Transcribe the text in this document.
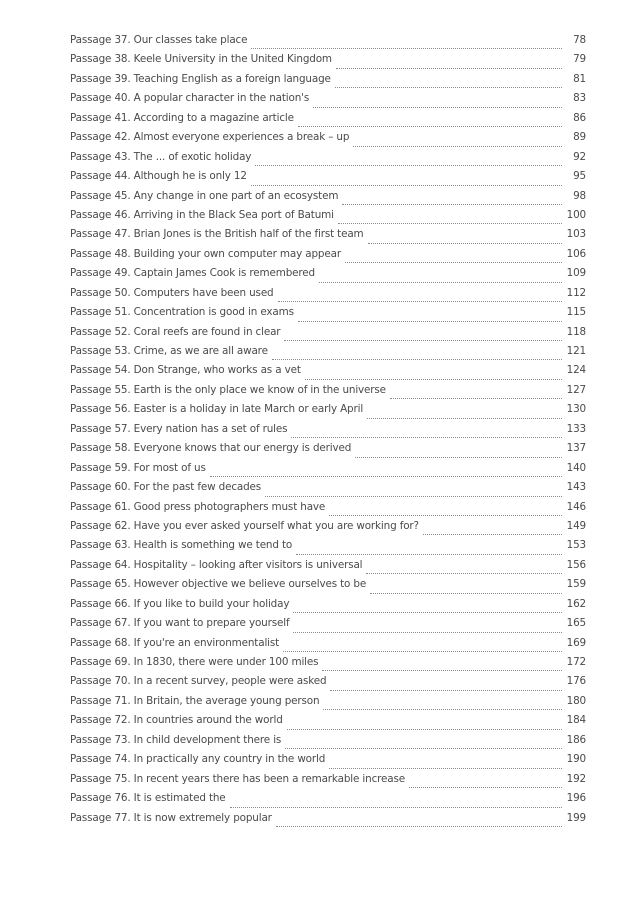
Passage 37. Our classes take place	78
Passage 38. Keele University in the United Kingdom	79
Passage 39. Teaching English as a foreign language	81
Passage 40. A popular character in the nation's	83
Passage 41. According to a magazine article	86
Passage 42. Almost everyone experiences a break – up	89
Passage 43. The ... of exotic holiday	92
Passage 44. Although he is only 12	95
Passage 45. Any change in one part of an ecosystem	98
Passage 46. Arriving in the Black Sea port of Batumi	100
Passage 47. Brian Jones is the British half of the first team	103
Passage 48. Building your own computer may appear	106
Passage 49. Captain James Cook is remembered	109
Passage 50. Computers have been used	112
Passage 51. Concentration is good in exams	115
Passage 52. Coral reefs are found in clear	118
Passage 53. Crime, as we are all aware	121
Passage 54. Don Strange, who works as a vet	124
Passage 55. Earth is the only place we know of in the universe	127
Passage 56. Easter is a holiday in late March or early April	130
Passage 57. Every nation has a set of rules	133
Passage 58. Everyone knows that our energy is derived	137
Passage 59. For most of us	140
Passage 60. For the past few decades	143
Passage 61. Good press photographers must have	146
Passage 62. Have you ever asked yourself what you are working for?	149
Passage 63. Health is something we tend to	153
Passage 64. Hospitality – looking after visitors is universal	156
Passage 65. However objective we believe ourselves to be	159
Passage 66. If you like to build your holiday	162
Passage 67. If you want to prepare yourself	165
Passage 68. If you're an environmentalist	169
Passage 69. In 1830, there were under 100 miles	172
Passage 70. In a recent survey, people were asked	176
Passage 71. In Britain, the average young person	180
Passage 72. In countries around the world	184
Passage 73. In child development there is	186
Passage 74. In practically any country in the world	190
Passage 75. In recent years there has been a remarkable increase	192
Passage 76. It is estimated the	196
Passage 77. It is now extremely popular	199
